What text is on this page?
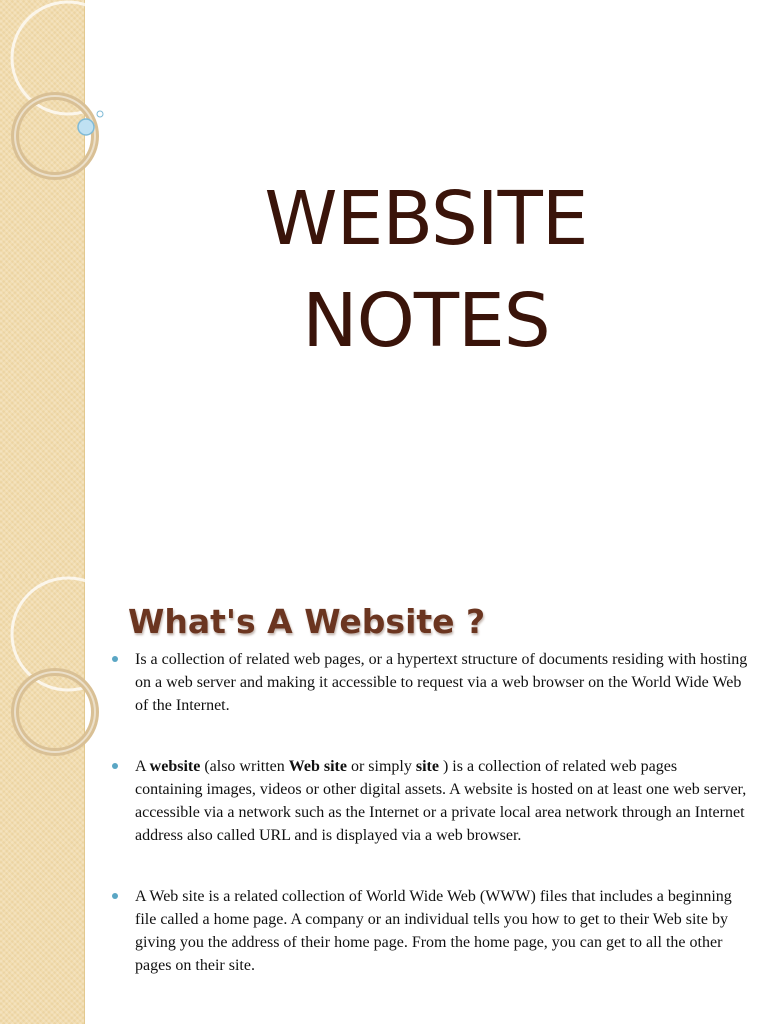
WEBSITE
NOTES
What's A Website ?
Is a collection of related web pages, or a hypertext structure of documents residing with hosting on a web server and making it accessible to request via a web browser on the World Wide Web of the Internet.
A website (also written Web site or simply site ) is a collection of related web pages containing images, videos or other digital assets. A website is hosted on at least one web server, accessible via a network such as the Internet or a private local area network through an Internet address also called URL and is displayed via a web browser.
A Web site is a related collection of World Wide Web (WWW) files that includes a beginning file called a home page. A company or an individual tells you how to get to their Web site by giving you the address of their home page. From the home page, you can get to all the other pages on their site.
